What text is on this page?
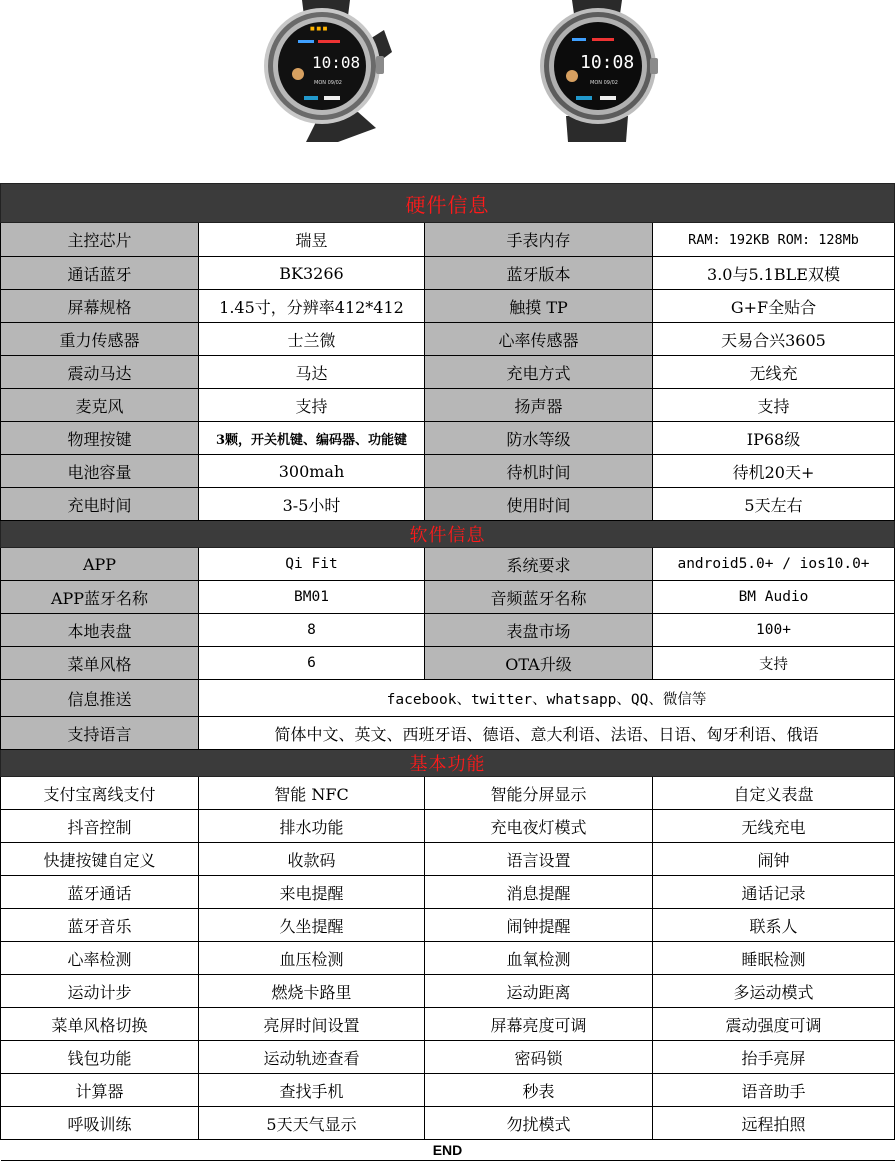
■ ■ ■
10:08
MON 09/02
10:08
MON 09/02
硬件信息			
主控芯片	瑞昱	手表内存	RAM: 192KB ROM: 128Mb
通话蓝牙	BK3266	蓝牙版本	3.0与5.1BLE双模
屏幕规格	1.45寸，分辨率412*412	触摸 TP	G+F全贴合
重力传感器	士兰微	心率传感器	天易合兴3605
震动马达	马达	充电方式	无线充
麦克风	支持	扬声器	支持
物理按键	3颗，开关机键、编码器、功能键	防水等级	IP68级
电池容量	300mah	待机时间	待机20天+
充电时间	3-5小时	使用时间	5天左右
软件信息			
APP	Qi Fit	系统要求	android5.0+ / ios10.0+
APP蓝牙名称	BM01	音频蓝牙名称	BM Audio
本地表盘	8	表盘市场	100+
菜单风格	6	OTA升级	支持
信息推送	facebook、twitter、whatsapp、QQ、微信等		
支持语言	简体中文、英文、西班牙语、德语、意大利语、法语、日语、匈牙利语、俄语		
基本功能			
支付宝离线支付	智能 NFC	智能分屏显示	自定义表盘
抖音控制	排水功能	充电夜灯模式	无线充电
快捷按键自定义	收款码	语言设置	闹钟
蓝牙通话	来电提醒	消息提醒	通话记录
蓝牙音乐	久坐提醒	闹钟提醒	联系人
心率检测	血压检测	血氧检测	睡眠检测
运动计步	燃烧卡路里	运动距离	多运动模式
菜单风格切换	亮屏时间设置	屏幕亮度可调	震动强度可调
钱包功能	运动轨迹查看	密码锁	抬手亮屏
计算器	查找手机	秒表	语音助手
呼吸训练	5天天气显示	勿扰模式	远程拍照
END			
